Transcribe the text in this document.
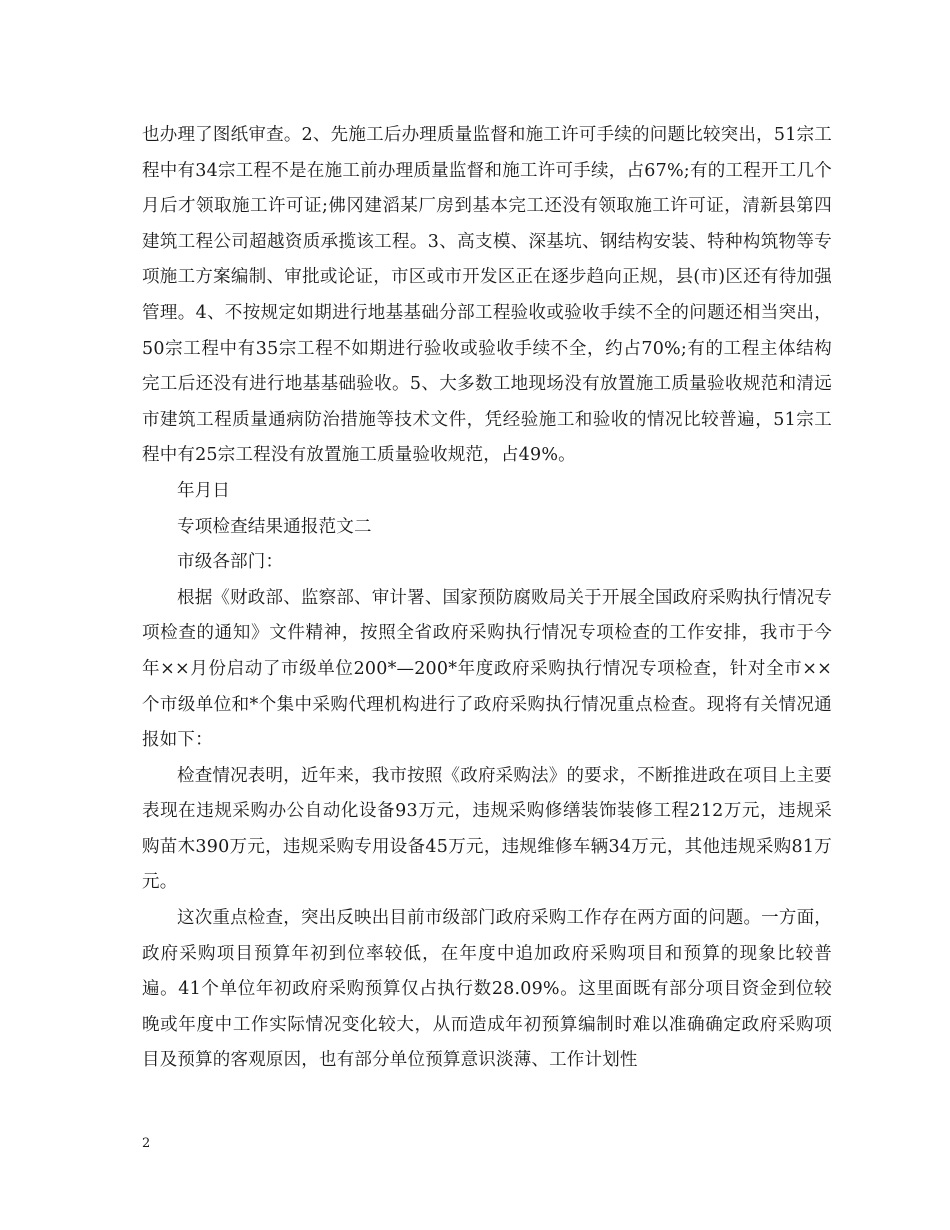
也办理了图纸审查。2、先施工后办理质量监督和施工许可手续的问题比较突出，51宗工程中有34宗工程不是在施工前办理质量监督和施工许可手续，占67%;有的工程开工几个月后才领取施工许可证;佛冈建滔某厂房到基本完工还没有领取施工许可证，清新县第四建筑工程公司超越资质承揽该工程。3、高支模、深基坑、钢结构安装、特种构筑物等专项施工方案编制、审批或论证，市区或市开发区正在逐步趋向正规，县(市)区还有待加强管理。4、不按规定如期进行地基基础分部工程验收或验收手续不全的问题还相当突出，50宗工程中有35宗工程不如期进行验收或验收手续不全，约占70%;有的工程主体结构完工后还没有进行地基基础验收。5、大多数工地现场没有放置施工质量验收规范和清远市建筑工程质量通病防治措施等技术文件，凭经验施工和验收的情况比较普遍，51宗工程中有25宗工程没有放置施工质量验收规范，占49%。

年月日

专项检查结果通报范文二

市级各部门：

根据《财政部、监察部、审计署、国家预防腐败局关于开展全国政府采购执行情况专项检查的通知》文件精神，按照全省政府采购执行情况专项检查的工作安排，我市于今年××月份启动了市级单位200*—200*年度政府采购执行情况专项检查，针对全市××个市级单位和*个集中采购代理机构进行了政府采购执行情况重点检查。现将有关情况通报如下：

检查情况表明，近年来，我市按照《政府采购法》的要求，不断推进政在项目上主要表现在违规采购办公自动化设备93万元，违规采购修缮装饰装修工程212万元，违规采购苗木390万元，违规采购专用设备45万元，违规维修车辆34万元，其他违规采购81万元。

这次重点检查，突出反映出目前市级部门政府采购工作存在两方面的问题。一方面，政府采购项目预算年初到位率较低，在年度中追加政府采购项目和预算的现象比较普遍。41个单位年初政府采购预算仅占执行数28.09%。这里面既有部分项目资金到位较晚或年度中工作实际情况变化较大，从而造成年初预算编制时难以准确确定政府采购项目及预算的客观原因，也有部分单位预算意识淡薄、工作计划性

2
